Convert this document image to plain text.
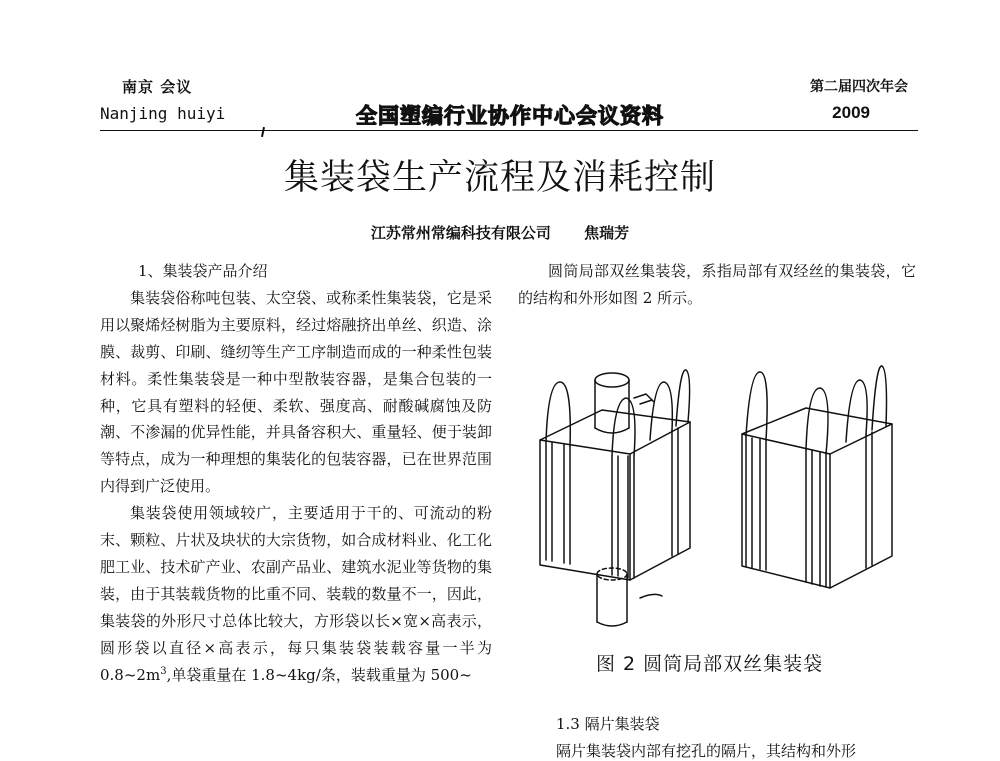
南京 会议
Nanjing huiyi	全国塑编行业协作中心会议资料
第二届四次年会
2009
集装袋生产流程及消耗控制
江苏常州常编科技有限公司 焦瑞芳

1、集装袋产品介绍

集装袋俗称吨包装、太空袋、或称柔性集装袋，它是采用以聚烯烃树脂为主要原料，经过熔融挤出单丝、织造、涂膜、裁剪、印刷、缝纫等生产工序制造而成的一种柔性包装材料。柔性集装袋是一种中型散装容器，是集合包装的一种，它具有塑料的轻便、柔软、强度高、耐酸碱腐蚀及防潮、不渗漏的优异性能，并具备容积大、重量轻、便于装卸等特点，成为一种理想的集装化的包装容器，已在世界范围内得到广泛使用。

集装袋使用领域较广，主要适用于干的、可流动的粉末、颗粒、片状及块状的大宗货物，如合成材料业、化工化肥工业、技术矿产业、农副产品业、建筑水泥业等货物的集装，由于其装载货物的比重不同、装载的数量不一，因此，集装袋的外形尺寸总体比较大，方形袋以长×宽×高表示，圆形袋以直径×高表示，每只集装袋装载容量一半为 $0.8\sim 2m^3$,单袋重量在 1.8~4kg/条，装载重量为 500~

圆筒局部双丝集装袋，系指局部有双经丝的集装袋，它的结构和外形如图 2 所示。

图 2 圆筒局部双丝集装袋
1.3 隔片集装袋
隔片集装袋内部有挖孔的隔片，其结构和外形
